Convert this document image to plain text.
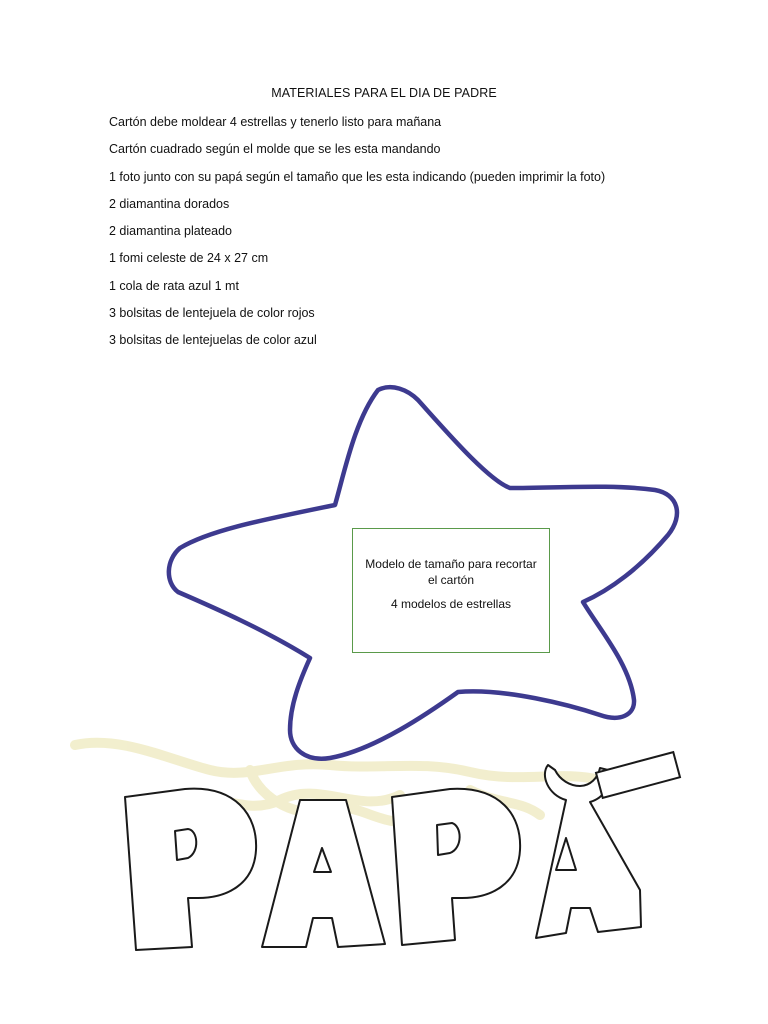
MATERIALES PARA EL DIA DE PADRE
Cartón debe moldear 4 estrellas y tenerlo listo para mañana
Cartón cuadrado según el molde que se les esta mandando
1 foto junto con su papá según el tamaño que les esta indicando (pueden imprimir la foto)
2 diamantina dorados
2 diamantina plateado
1 fomi celeste de 24 x 27 cm
1 cola de rata azul 1 mt
3 bolsitas de lentejuela de color rojos
3 bolsitas de lentejuelas de color azul
Modelo de tamaño para recortar el cartón
4 modelos de estrellas
